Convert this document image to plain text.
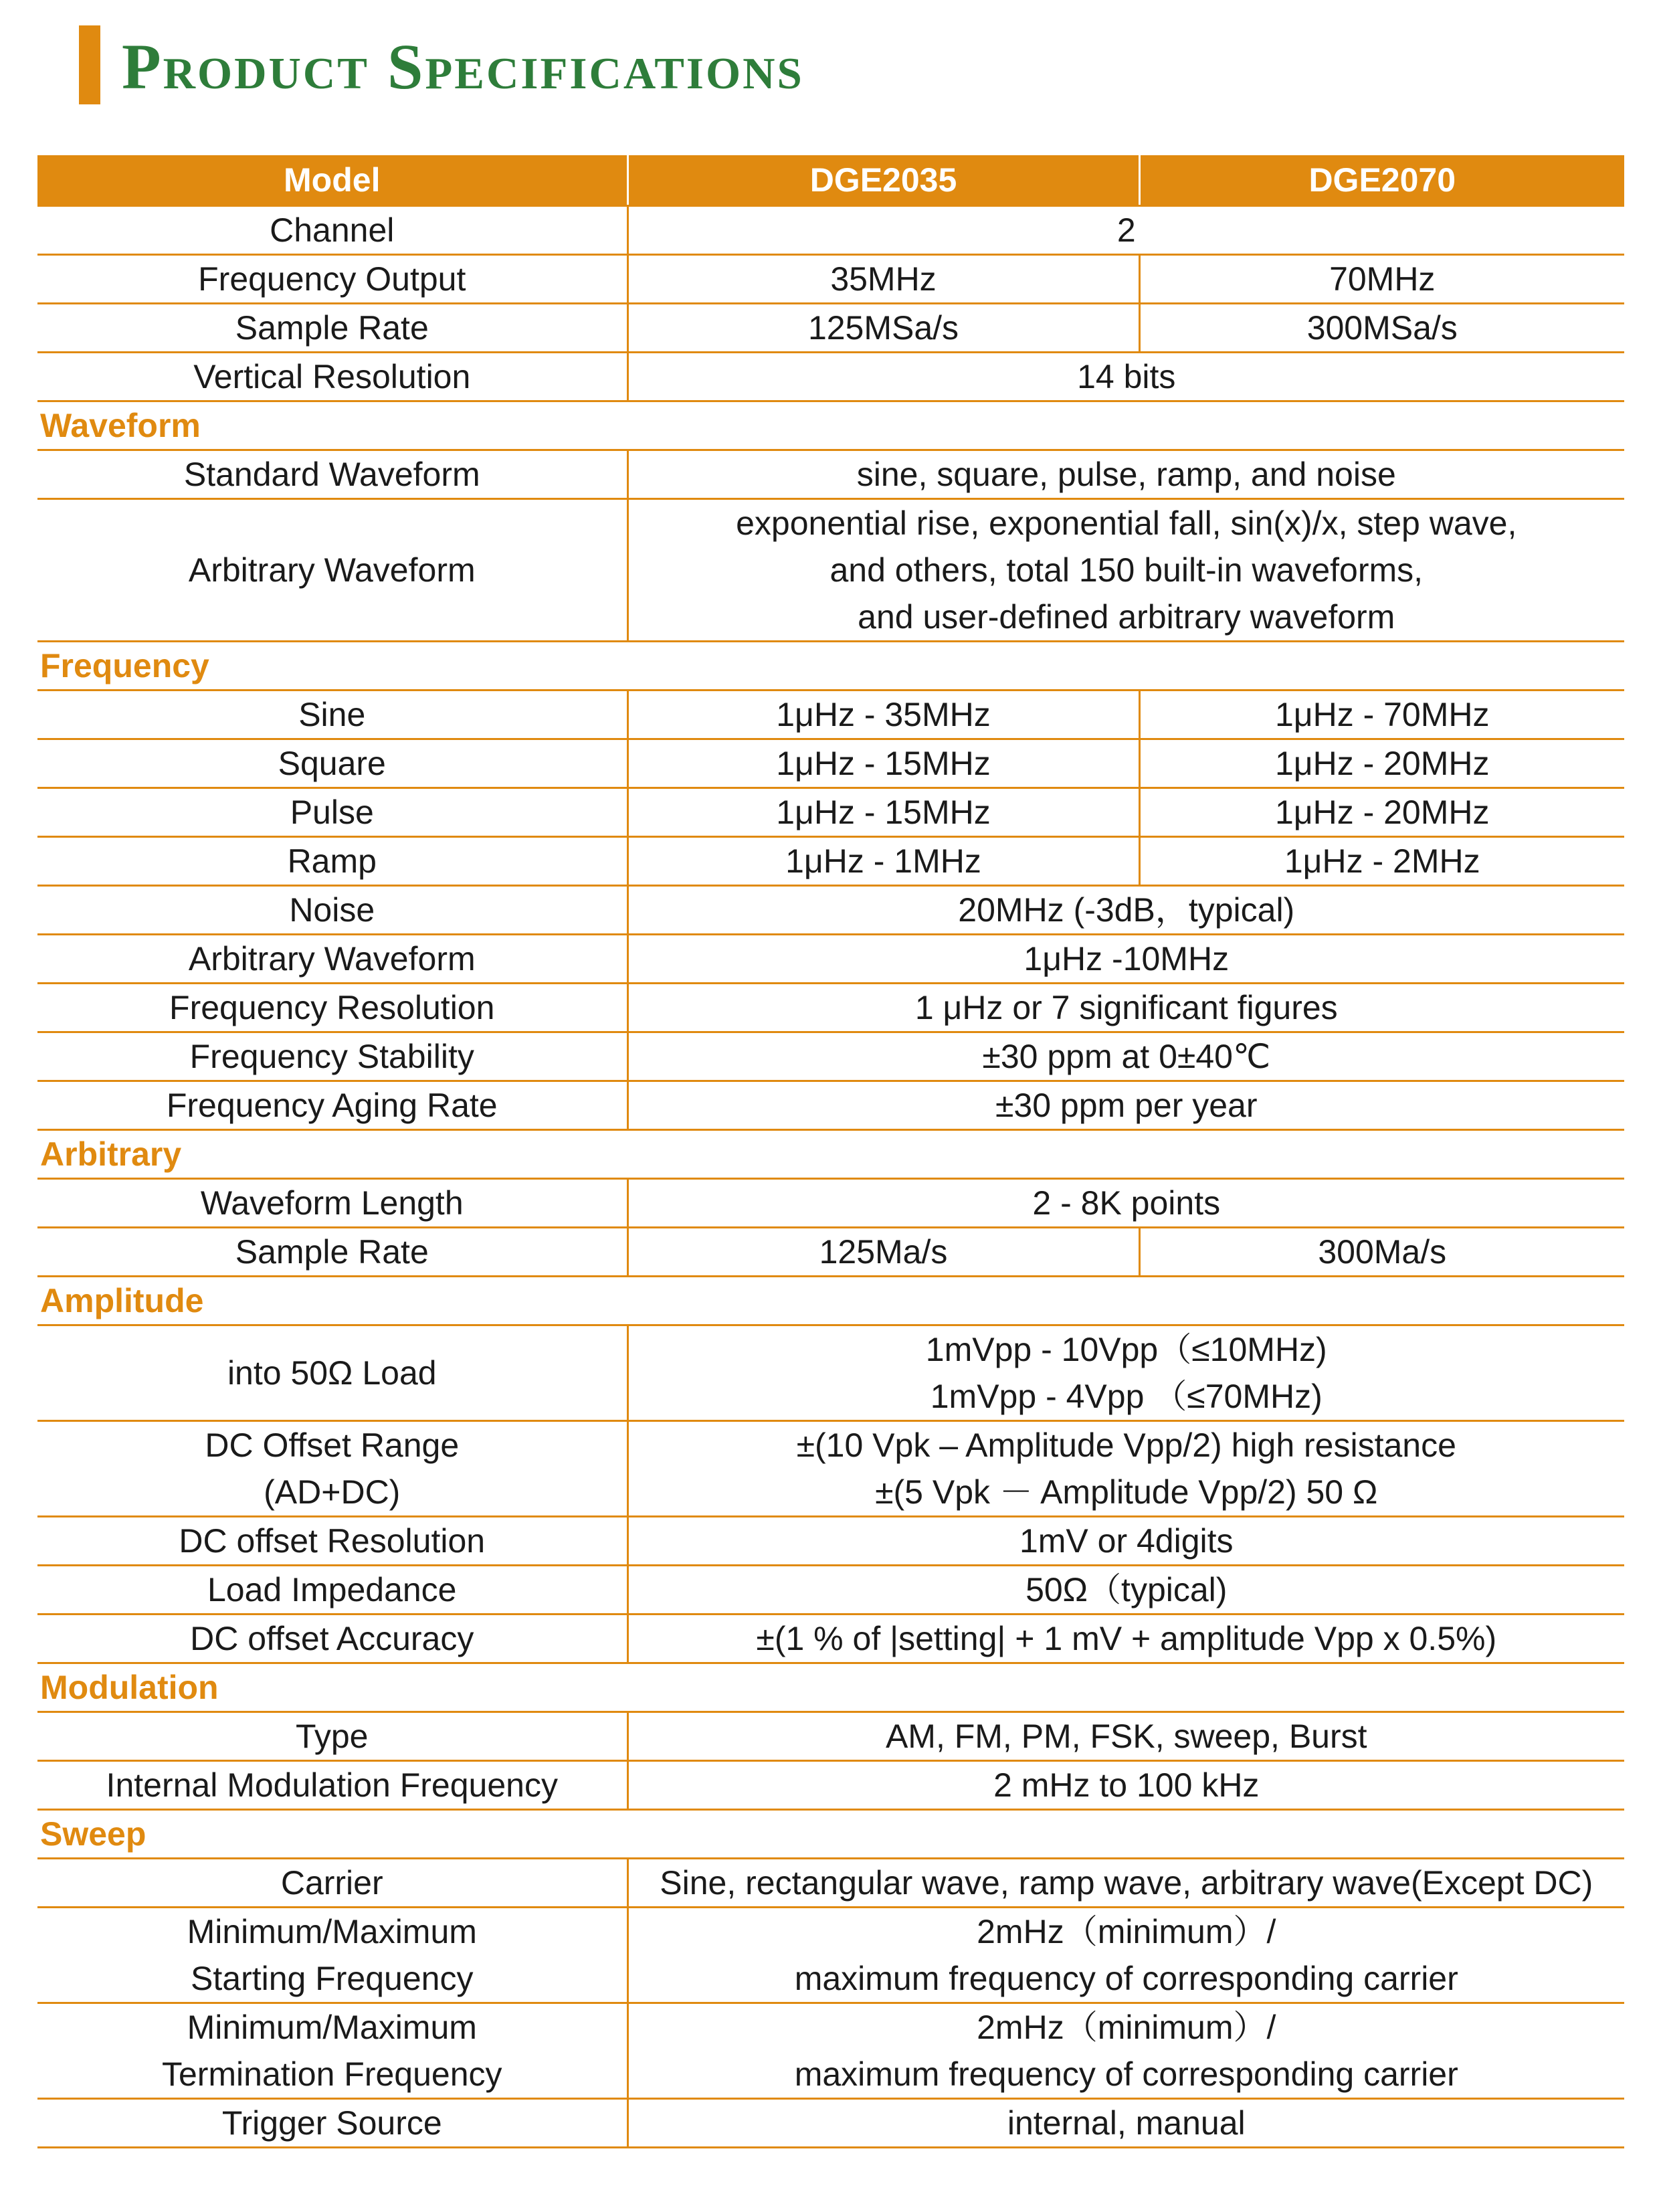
Product Specifications
Model	DGE2035	DGE2070
Channel	2	
Frequency Output	35MHz	70MHz
Sample Rate	125MSa/s	300MSa/s
Vertical Resolution	14 bits	
Waveform		
Standard Waveform	sine, square, pulse, ramp, and noise	
Arbitrary Waveform	exponential rise, exponential fall, sin(x)/x, step wave,
and others, total 150 built-in waveforms,
and user-defined arbitrary waveform	

Frequency		
Sine	1μHz - 35MHz	1μHz - 70MHz
Square	1μHz - 15MHz	1μHz - 20MHz
Pulse	1μHz - 15MHz	1μHz - 20MHz
Ramp	1μHz - 1MHz	1μHz - 2MHz
Noise	20MHz (-3dB，typical)	
Arbitrary Waveform	1μHz -10MHz	
Frequency Resolution	1 μHz or 7 significant figures	
Frequency Stability	±30 ppm at 0±40℃	
Frequency Aging Rate	±30 ppm per year	
Arbitrary		
Waveform Length	2 - 8K points	
Sample Rate	125Ma/s	300Ma/s
Amplitude		
into 50Ω Load	1mVpp - 10Vpp（≤10MHz)
1mVpp - 4Vpp （≤70MHz)	

DC Offset Range
(AD+DC)	±(10 Vpk – Amplitude Vpp/2) high resistance
±(5 Vpk － Amplitude Vpp/2) 50 Ω	

DC offset Resolution	1mV or 4digits	
Load Impedance	50Ω（typical)	
DC offset Accuracy	±(1 % of |setting| + 1 mV + amplitude Vpp x 0.5%)	
Modulation		
Type	AM, FM, PM, FSK, sweep, Burst	
Internal Modulation Frequency	2 mHz to 100 kHz	
Sweep		
Carrier	Sine, rectangular wave, ramp wave, arbitrary wave(Except DC)	

Minimum/Maximum
Starting Frequency	2mHz（minimum）/
maximum frequency of corresponding carrier	

Minimum/Maximum
Termination Frequency	2mHz（minimum）/
maximum frequency of corresponding carrier	

Trigger Source	internal, manual	
